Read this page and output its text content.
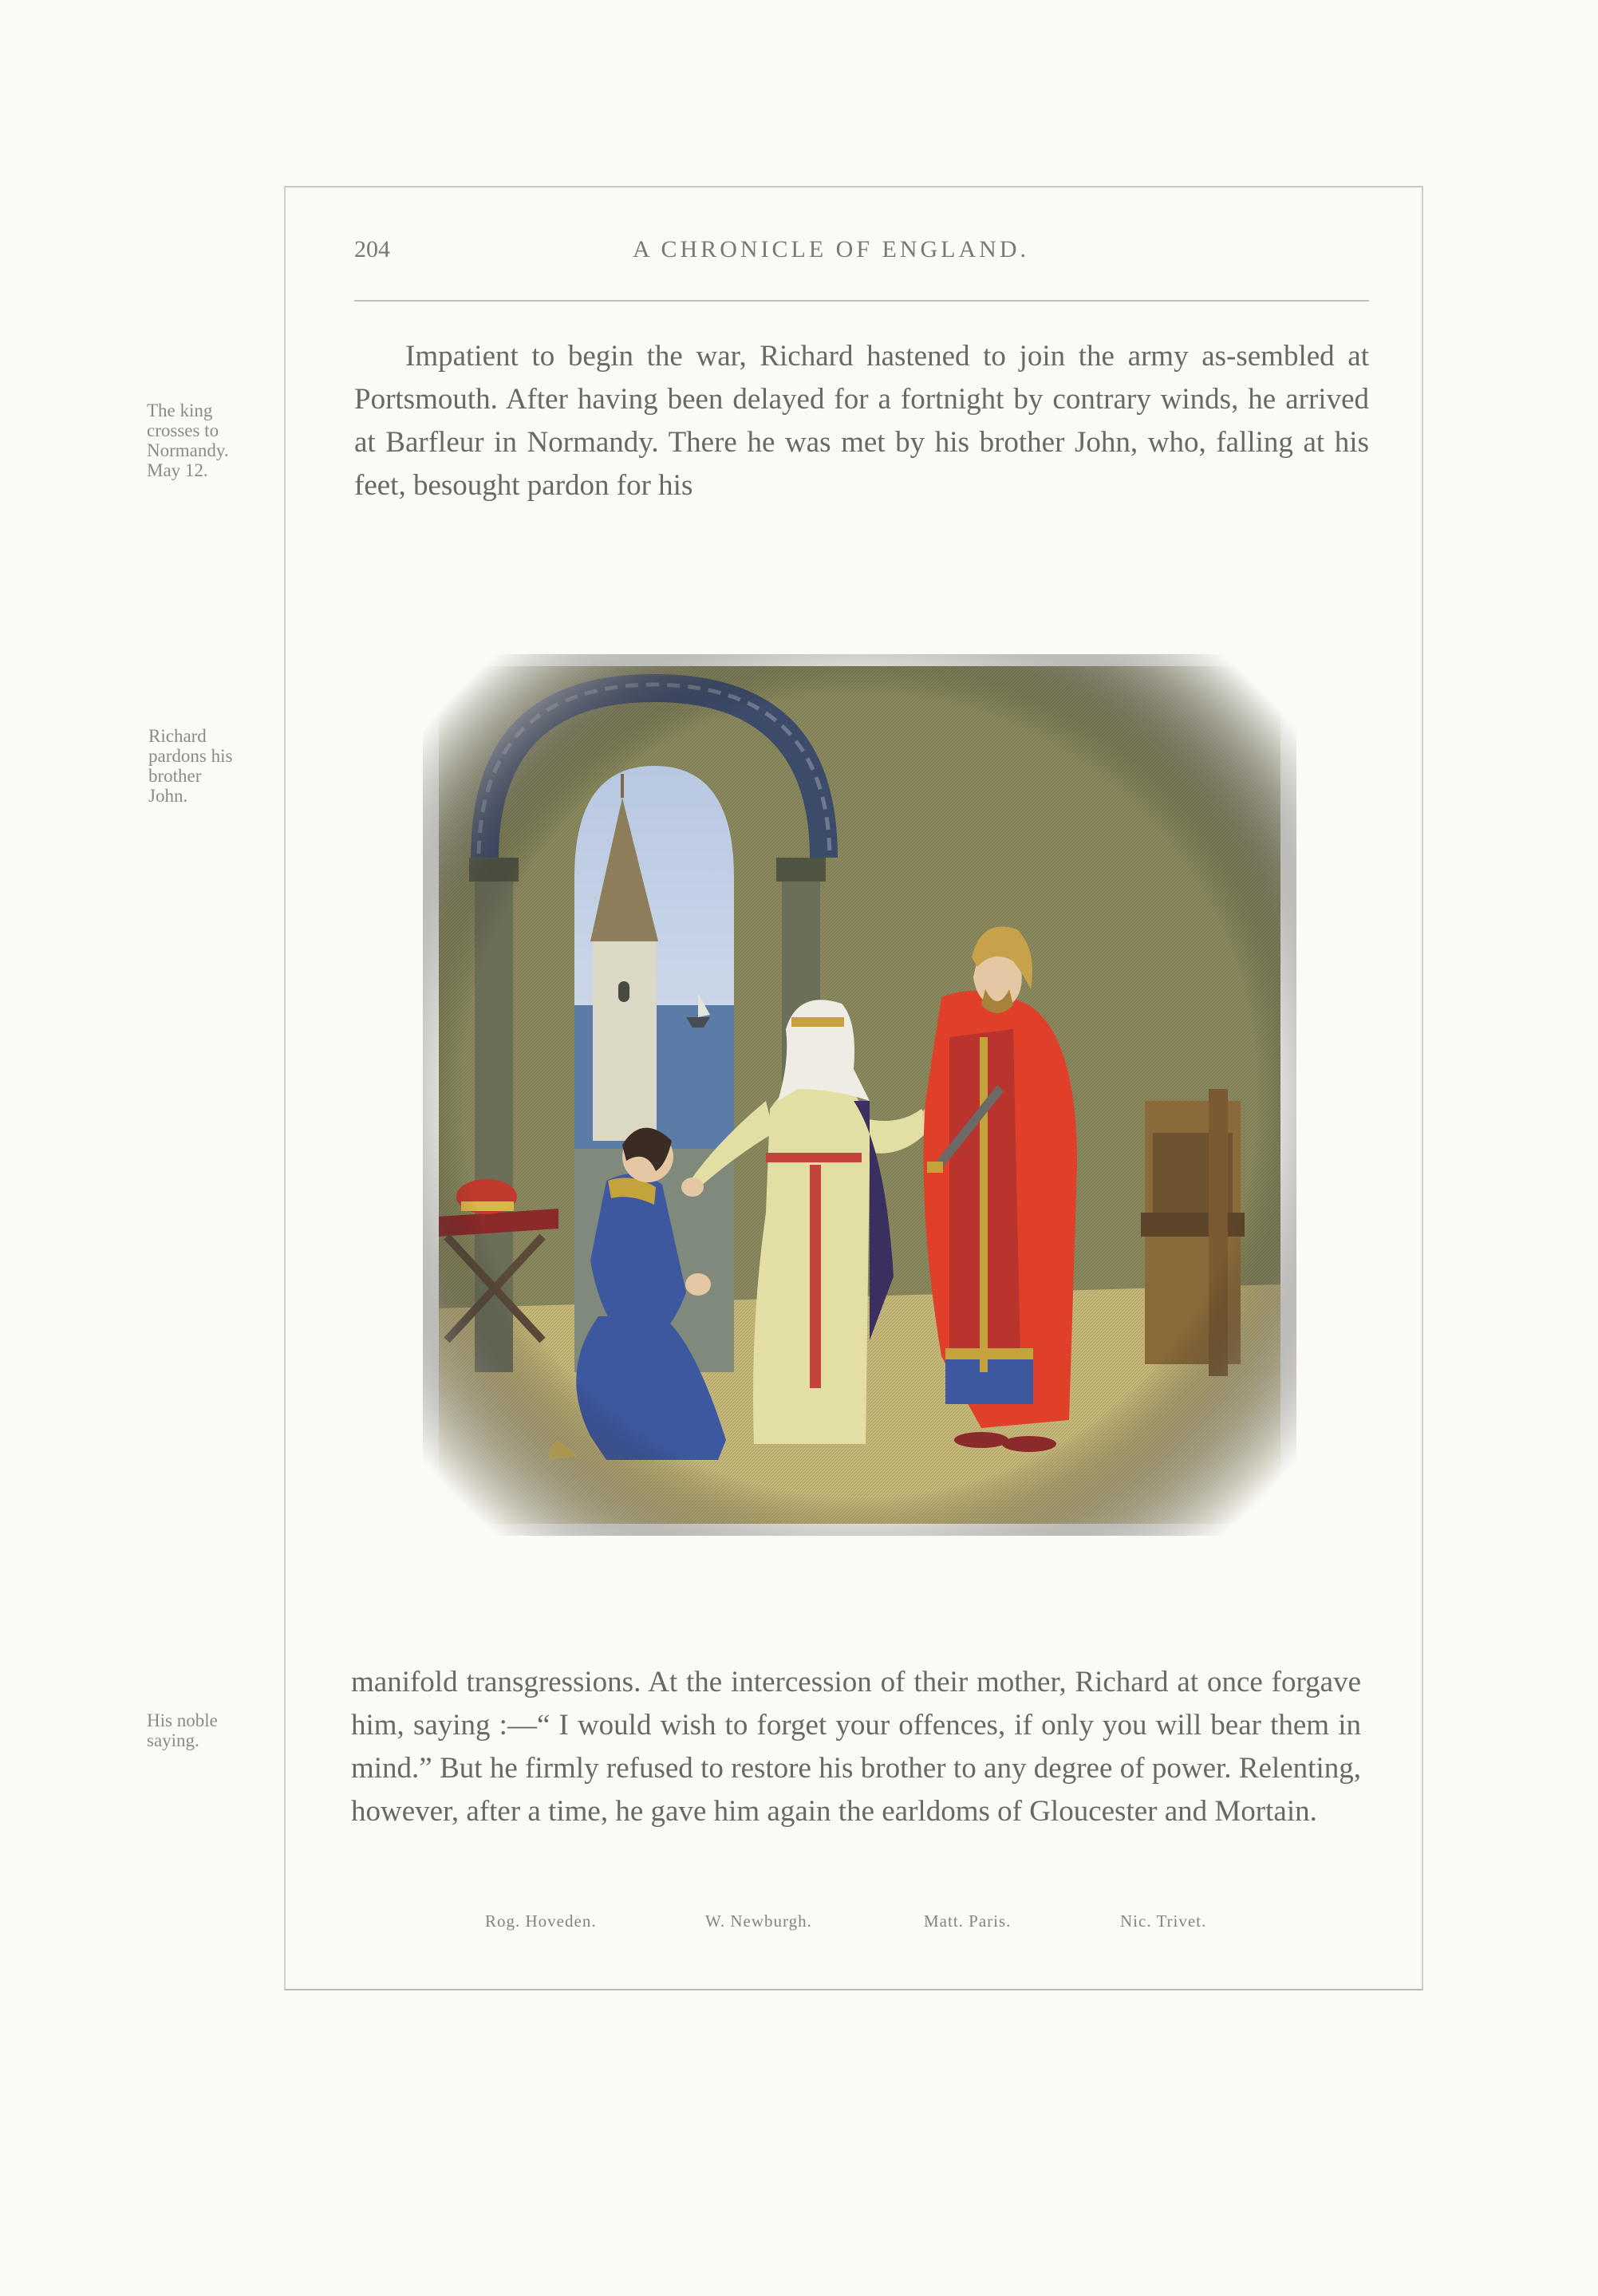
204	A CHRONICLE OF ENGLAND.
The king
crosses to
Normandy.
May 12.
Richard
pardons his
brother
John.
His noble
saying.
Impatient to begin the war, Richard hastened to join the army as-sembled at Portsmouth. After having been delayed for a fortnight by contrary winds, he arrived at Barfleur in Normandy. There he was met by his brother John, who, falling at his feet, besought pardon for his
manifold transgressions. At the intercession of their mother, Richard at once forgave him, saying :—“ I would wish to forget your offences, if only you will bear them in mind.” But he firmly refused to restore his brother to any degree of power. Relenting, however, after a time, he gave him again the earldoms of Gloucester and Mortain.
Rog. Hoveden.	W. Newburgh.	Matt. Paris.	Nic. Trivet.
